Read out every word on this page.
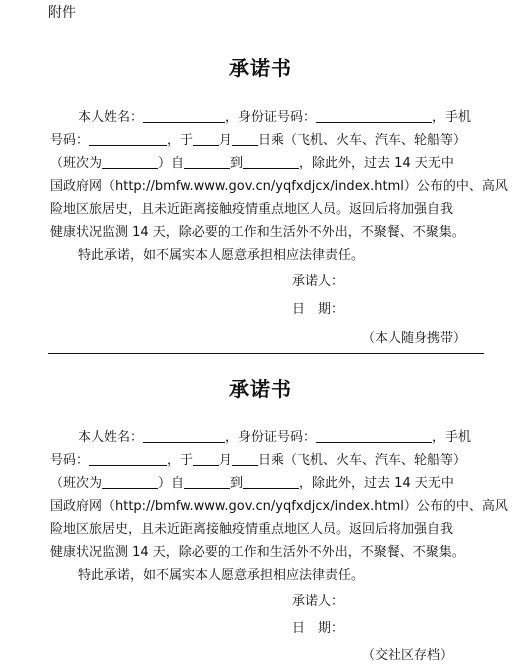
附件
承诺书
本人姓名：	，身份证号码：	，手机
号码：	，于 月 日乘（飞机、火车、汽车、轮船等）
（班次为	）自	到	，除此外，过去 14 天无中
国政府网（http://bmfw.www.gov.cn/yqfxdjcx/index.html）公布的中、高风
险地区旅居史，且未近距离接触疫情重点地区人员。返回后将加强自我
健康状况监测 14 天，除必要的工作和生活外不外出，不聚餐、不聚集。
特此承诺，如不属实本人愿意承担相应法律责任。
承诺人：
日　期：
（本人随身携带）
承诺书
本人姓名：	，身份证号码：	，手机
号码：	，于 月 日乘（飞机、火车、汽车、轮船等）
（班次为	）自	到	，除此外，过去 14 天无中
国政府网（http://bmfw.www.gov.cn/yqfxdjcx/index.html）公布的中、高风
险地区旅居史，且未近距离接触疫情重点地区人员。返回后将加强自我
健康状况监测 14 天，除必要的工作和生活外不外出，不聚餐、不聚集。
特此承诺，如不属实本人愿意承担相应法律责任。
承诺人：
日　期：
（交社区存档）
